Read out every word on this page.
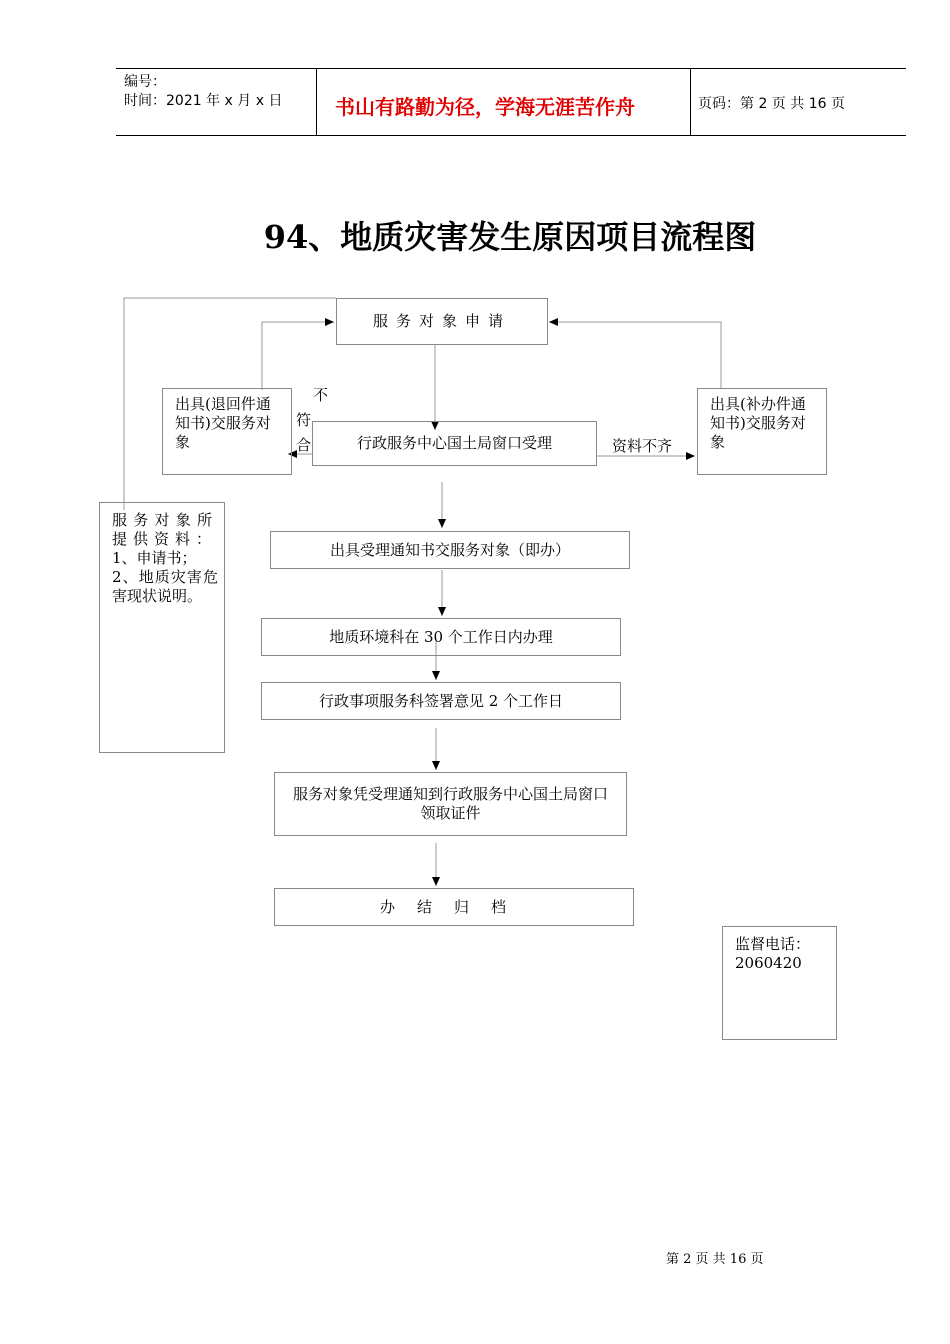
编号：
时间：2021 年 x 月 x 日	书山有路勤为径，学海无涯苦作舟	页码：第 2 页 共 16 页
94、地质灾害发生原因项目流程图
服务对象申请
出具(退回件通知书)交服务对象
出具(补办件通知书)交服务对象
不
符
合	行政服务中心国土局窗口受理	资料不齐
服务对象所提供资料：
1、申请书；
2、地质灾害危害现状说明。
出具受理通知书交服务对象（即办）
地质环境科在 30 个工作日内办理
行政事项服务科签署意见 2 个工作日
服务对象凭受理通知到行政服务中心国土局窗口领取证件
办结归档
监督电话：
2060420
第 2 页 共 16 页
